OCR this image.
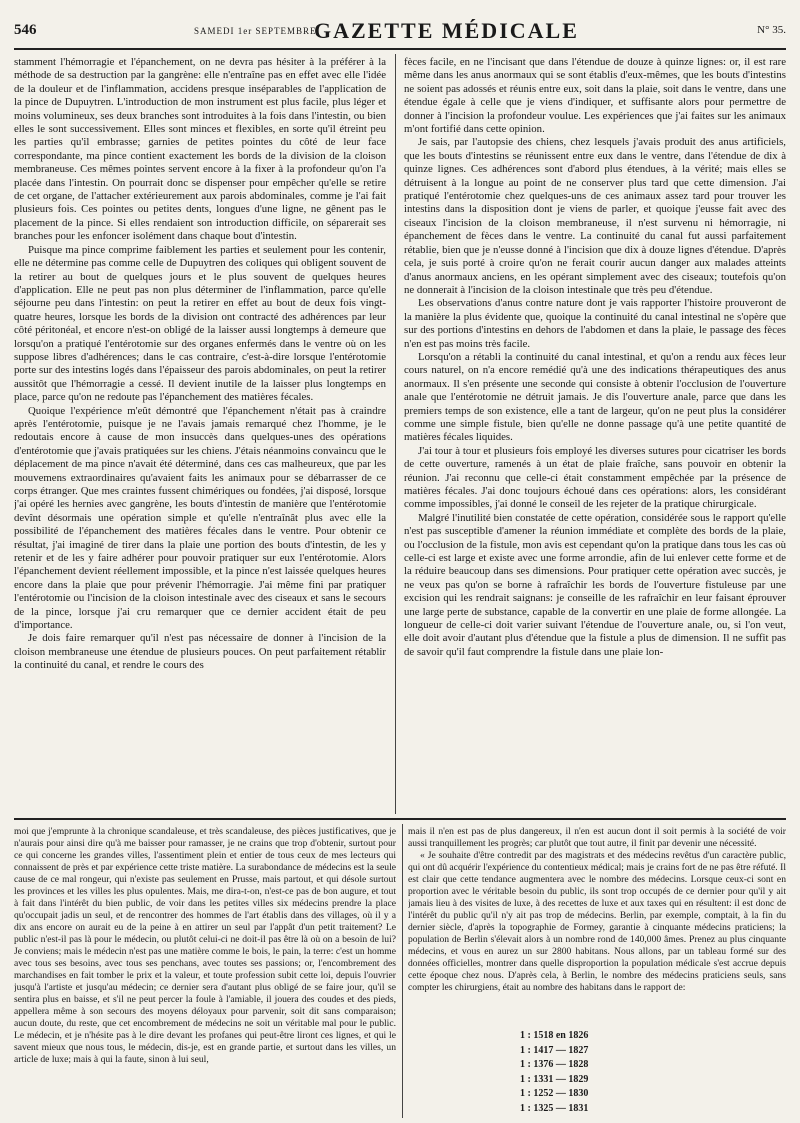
546	SAMEDI 1er SEPTEMBRE
GAZETTE MÉDICALE	N° 35.

stamment l'hémorragie et l'épanchement, on ne devra pas hésiter à la préférer à la méthode de sa destruction par la gangrène: elle n'entraîne pas en effet avec elle l'idée de la douleur et de l'inflammation, accidens presque inséparables de l'application de la pince de Dupuytren. L'introduction de mon instrument est plus facile, plus léger et moins volumineux, ses deux branches sont introduites à la fois dans l'intestin, ou bien elles le sont successivement. Elles sont minces et flexibles, en sorte qu'il étreint peu les parties qu'il embrasse; garnies de petites pointes du côté de leur face correspondante, ma pince contient exactement les bords de la division de la cloison membraneuse. Ces mêmes pointes servent encore à la fixer à la profondeur qu'on l'a placée dans l'intestin. On pourrait donc se dispenser pour empêcher qu'elle se retire de cet organe, de l'attacher extérieurement aux parois abdominales, comme je l'ai fait plusieurs fois. Ces pointes ou petites dents, longues d'une ligne, ne gênent pas le placement de la pince. Si elles rendaient son introduction difficile, on séparerait ses branches pour les enfoncer isolément dans chaque bout d'intestin.

Puisque ma pince comprime faiblement les parties et seulement pour les contenir, elle ne détermine pas comme celle de Dupuytren des coliques qui obligent souvent de la retirer au bout de quelques jours et le plus souvent de quelques heures d'application. Elle ne peut pas non plus déterminer de l'inflammation, parce qu'elle séjourne peu dans l'intestin: on peut la retirer en effet au bout de deux fois vingt-quatre heures, lorsque les bords de la division ont contracté des adhérences par leur côté péritonéal, et encore n'est-on obligé de la laisser aussi longtemps à demeure que lorsqu'on a pratiqué l'entérotomie sur des organes enfermés dans le ventre où on les suppose libres d'adhérences; dans le cas contraire, c'est-à-dire lorsque l'entérotomie porte sur des intestins logés dans l'épaisseur des parois abdominales, on peut la retirer aussitôt que l'hémorragie a cessé. Il devient inutile de la laisser plus longtemps en place, parce qu'on ne redoute pas l'épanchement des matières fécales.

Quoique l'expérience m'eût démontré que l'épanchement n'était pas à craindre après l'entérotomie, puisque je ne l'avais jamais remarqué chez l'homme, je le redoutais encore à cause de mon insuccès dans quelques-unes des opérations d'entérotomie que j'avais pratiquées sur les chiens. J'étais néanmoins convaincu que le déplacement de ma pince n'avait été déterminé, dans ces cas malheureux, que par les mouvemens extraordinaires qu'avaient faits les animaux pour se débarrasser de ce corps étranger. Que mes craintes fussent chimériques ou fondées, j'ai disposé, lorsque j'ai opéré les hernies avec gangrène, les bouts d'intestin de manière que l'entérotomie devînt désormais une opération simple et qu'elle n'entraînât plus avec elle la possibilité de l'épanchement des matières fécales dans le ventre. Pour obtenir ce résultat, j'ai imaginé de tirer dans la plaie une portion des bouts d'intestin, de les y retenir et de les y faire adhérer pour pouvoir pratiquer sur eux l'entérotomie. Alors l'épanchement devient réellement impossible, et la pince n'est laissée quelques heures encore dans la plaie que pour prévenir l'hémorragie. J'ai même fini par pratiquer l'entérotomie ou l'incision de la cloison intestinale avec des ciseaux et sans le secours de la pince, lorsque j'ai cru remarquer que ce dernier accident était de peu d'importance.

Je dois faire remarquer qu'il n'est pas nécessaire de donner à l'incision de la cloison membraneuse une étendue de plusieurs pouces. On peut parfaitement rétablir la continuité du canal, et rendre le cours des

fèces facile, en ne l'incisant que dans l'étendue de douze à quinze lignes: or, il est rare même dans les anus anormaux qui se sont établis d'eux-mêmes, que les bouts d'intestins ne soient pas adossés et réunis entre eux, soit dans la plaie, soit dans le ventre, dans une étendue égale à celle que je viens d'indiquer, et suffisante alors pour permettre de donner à l'incision la profondeur voulue. Les expériences que j'ai faites sur les animaux m'ont fortifié dans cette opinion.

Je sais, par l'autopsie des chiens, chez lesquels j'avais produit des anus artificiels, que les bouts d'intestins se réunissent entre eux dans le ventre, dans l'étendue de dix à quinze lignes. Ces adhérences sont d'abord plus étendues, à la vérité; mais elles se détruisent à la longue au point de ne conserver plus tard que cette dimension. J'ai pratiqué l'entérotomie chez quelques-uns de ces animaux assez tard pour trouver les intestins dans la disposition dont je viens de parler, et quoique j'eusse fait avec des ciseaux l'incision de la cloison membraneuse, il n'est survenu ni hémorragie, ni épanchement de fèces dans le ventre. La continuité du canal fut aussi parfaitement rétablie, bien que je n'eusse donné à l'incision que dix à douze lignes d'étendue. D'après cela, je suis porté à croire qu'on ne ferait courir aucun danger aux malades atteints d'anus anormaux anciens, en les opérant simplement avec des ciseaux; toutefois qu'on ne donnerait à l'incision de la cloison intestinale que très peu d'étendue.

Les observations d'anus contre nature dont je vais rapporter l'histoire prouveront de la manière la plus évidente que, quoique la continuité du canal intestinal ne s'opère que sur des portions d'intestins en dehors de l'abdomen et dans la plaie, le passage des fèces n'en est pas moins très facile.

Lorsqu'on a rétabli la continuité du canal intestinal, et qu'on a rendu aux fèces leur cours naturel, on n'a encore remédié qu'à une des indications thérapeutiques des anus anormaux. Il s'en présente une seconde qui consiste à obtenir l'occlusion de l'ouverture anale que l'entérotomie ne détruit jamais. Je dis l'ouverture anale, parce que dans les premiers temps de son existence, elle a tant de largeur, qu'on ne peut plus la considérer comme une simple fistule, bien qu'elle ne donne passage qu'à une petite quantité de matières fécales liquides.

J'ai tour à tour et plusieurs fois employé les diverses sutures pour cicatriser les bords de cette ouverture, ramenés à un état de plaie fraîche, sans pouvoir en obtenir la réunion. J'ai reconnu que celle-ci était constamment empêchée par la présence de matières fécales. J'ai donc toujours échoué dans ces opérations: alors, les considérant comme impossibles, j'ai donné le conseil de les rejeter de la pratique chirurgicale.

Malgré l'inutilité bien constatée de cette opération, considérée sous le rapport qu'elle n'est pas susceptible d'amener la réunion immédiate et complète des bords de la plaie, ou l'occlusion de la fistule, mon avis est cependant qu'on la pratique dans tous les cas où celle-ci est large et existe avec une forme arrondie, afin de lui enlever cette forme et de la réduire beaucoup dans ses dimensions. Pour pratiquer cette opération avec succès, je ne veux pas qu'on se borne à rafraîchir les bords de l'ouverture fistuleuse par une excision qui les rendrait saignans: je conseille de les rafraîchir en leur faisant éprouver une large perte de substance, capable de la convertir en une plaie de forme allongée. La longueur de celle-ci doit varier suivant l'étendue de l'ouverture anale, ou, si l'on veut, elle doit avoir d'autant plus d'étendue que la fistule a plus de dimension. Il ne suffit pas de savoir qu'il faut comprendre la fistule dans une plaie lon-

moi que j'emprunte à la chronique scandaleuse, et très scandaleuse, des pièces justificatives, que je n'aurais pour ainsi dire qu'à me baisser pour ramasser, je ne crains que trop d'obtenir, surtout pour ce qui concerne les grandes villes, l'assentiment plein et entier de tous ceux de mes lecteurs qui connaissent de près et par expérience cette triste matière. La surabondance de médecins est la seule cause de ce mal rongeur, qui n'existe pas seulement en Prusse, mais partout, et qui désole surtout les provinces et les villes les plus opulentes. Mais, me dira-t-on, n'est-ce pas de bon augure, et tout à fait dans l'intérêt du bien public, de voir dans les petites villes six médecins prendre la place qu'occupait jadis un seul, et de rencontrer des hommes de l'art établis dans des villages, où il y a dix ans encore on aurait eu de la peine à en attirer un seul par l'appât d'un petit traitement? Le public n'est-il pas là pour le médecin, ou plutôt celui-ci ne doit-il pas être là où on a besoin de lui? Je conviens; mais le médecin n'est pas une matière comme le bois, le pain, la terre: c'est un homme avec tous ses besoins, avec tous ses penchans, avec toutes ses passions; or, l'encombrement des marchandises en fait tomber le prix et la valeur, et toute profession subit cette loi, depuis l'ouvrier jusqu'à l'artiste et jusqu'au médecin; ce dernier sera d'autant plus obligé de se faire jour, qu'il se sentira plus en baisse, et s'il ne peut percer la foule à l'amiable, il jouera des coudes et des pieds, appellera même à son secours des moyens déloyaux pour parvenir, soit dit sans comparaison; aucun doute, du reste, que cet encombrement de médecins ne soit un véritable mal pour le public. Le médecin, et je n'hésite pas à le dire devant les profanes qui peut-être liront ces lignes, et qui le savent mieux que nous tous, le médecin, dis-je, est en grande partie, et surtout dans les villes, un article de luxe; mais à qui la faute, sinon à lui seul,

mais il n'en est pas de plus dangereux, il n'en est aucun dont il soit permis à la société de voir aussi tranquillement les progrès; car plutôt que tout autre, il finit par devenir une nécessité.

« Je souhaite d'être contredit par des magistrats et des médecins revêtus d'un caractère public, qui ont dû acquérir l'expérience du contentieux médical; mais je crains fort de ne pas être réfuté. Il est clair que cette tendance augmentera avec le nombre des médecins. Lorsque ceux-ci sont en proportion avec le véritable besoin du public, ils sont trop occupés de ce dernier pour qu'il y ait jamais lieu à des visites de luxe, à des recettes de luxe et aux taxes qui en résultent: il est donc de l'intérêt du public qu'il n'y ait pas trop de médecins. Berlin, par exemple, comptait, à la fin du dernier siècle, d'après la topographie de Formey, garantie à cinquante médecins praticiens; la population de Berlin s'élevait alors à un nombre rond de 140,000 âmes. Prenez au plus cinquante médecins, et vous en aurez un sur 2800 habitans. Nous allons, par un tableau formé sur des données officielles, montrer dans quelle disproportion la population médicale s'est accrue depuis cette époque chez nous. D'après cela, à Berlin, le nombre des médecins praticiens seuls, sans compter les chirurgiens, était au nombre des habitans dans le rapport de:

1 : 1518 en 1826
1 : 1417 — 1827
1 : 1376 — 1828
1 : 1331 — 1829
1 : 1252 — 1830
1 : 1325 — 1831
